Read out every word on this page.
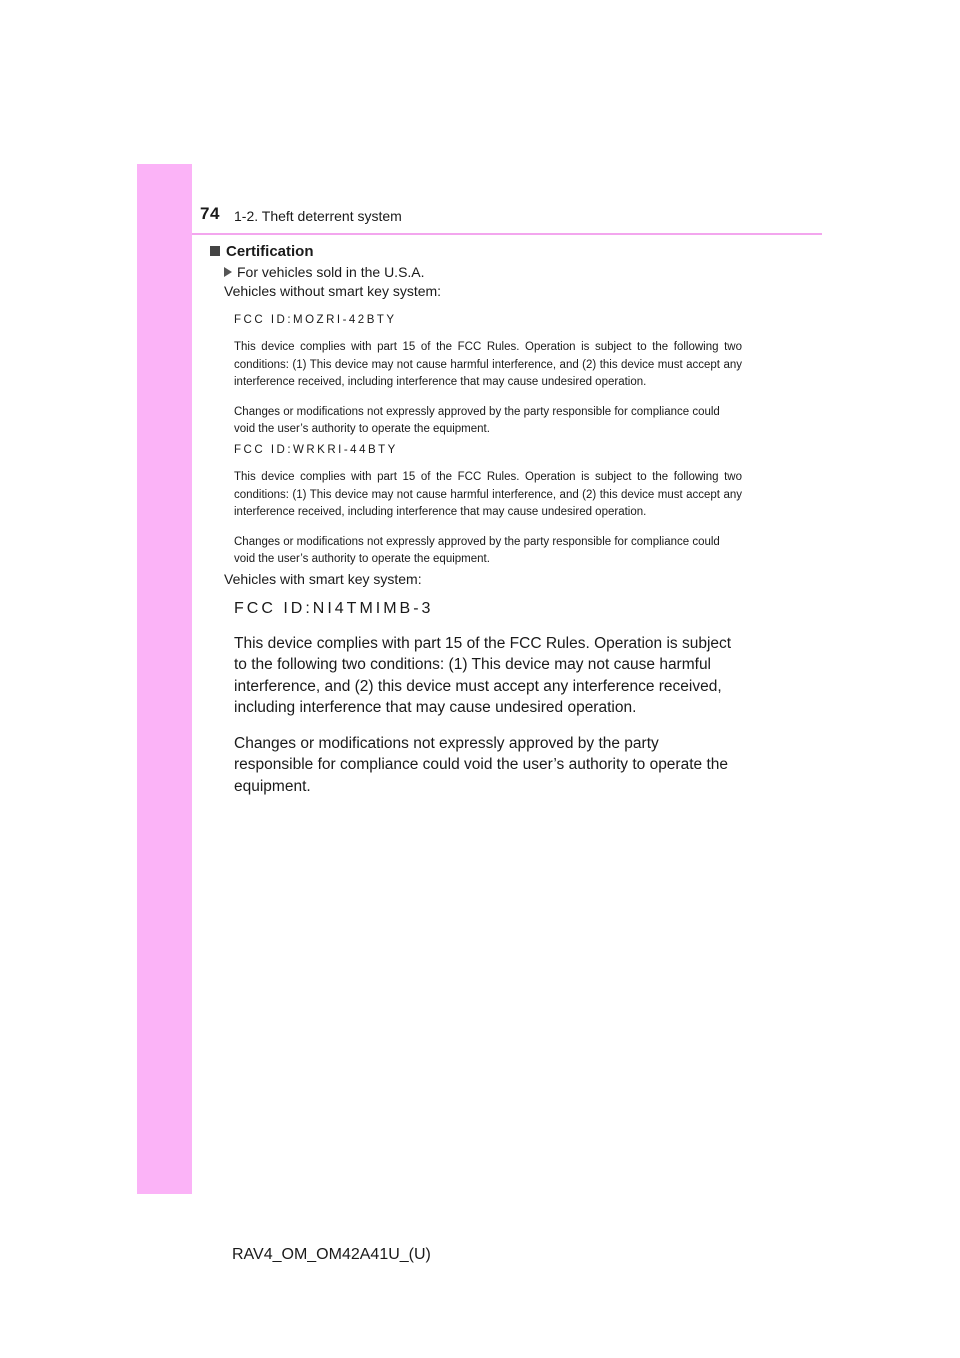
74 1-2. Theft deterrent system
Certification
For vehicles sold in the U.S.A.
Vehicles without smart key system:
FCC ID:MOZRI-42BTY
This device complies with part 15 of the FCC Rules. Operation is subject to the following two conditions: (1) This device may not cause harmful interference, and (2) this device must accept any interference received, including interference that may cause undesired operation.
Changes or modifications not expressly approved by the party responsible for compliance could void the user’s authority to operate the equipment.
FCC ID:WRKRI-44BTY
This device complies with part 15 of the FCC Rules. Operation is subject to the following two conditions: (1) This device may not cause harmful interference, and (2) this device must accept any interference received, including interference that may cause undesired operation.
Changes or modifications not expressly approved by the party responsible for compliance could void the user’s authority to operate the equipment.
Vehicles with smart key system:
FCC ID:NI4TMIMB-3
This device complies with part 15 of the FCC Rules. Operation is subject to the following two conditions: (1) This device may not cause harmful interference, and (2) this device must accept any interference received, including interference that may cause undesired operation.
Changes or modifications not expressly approved by the party responsible for compliance could void the user’s authority to operate the equipment.
RAV4_OM_OM42A41U_(U)
